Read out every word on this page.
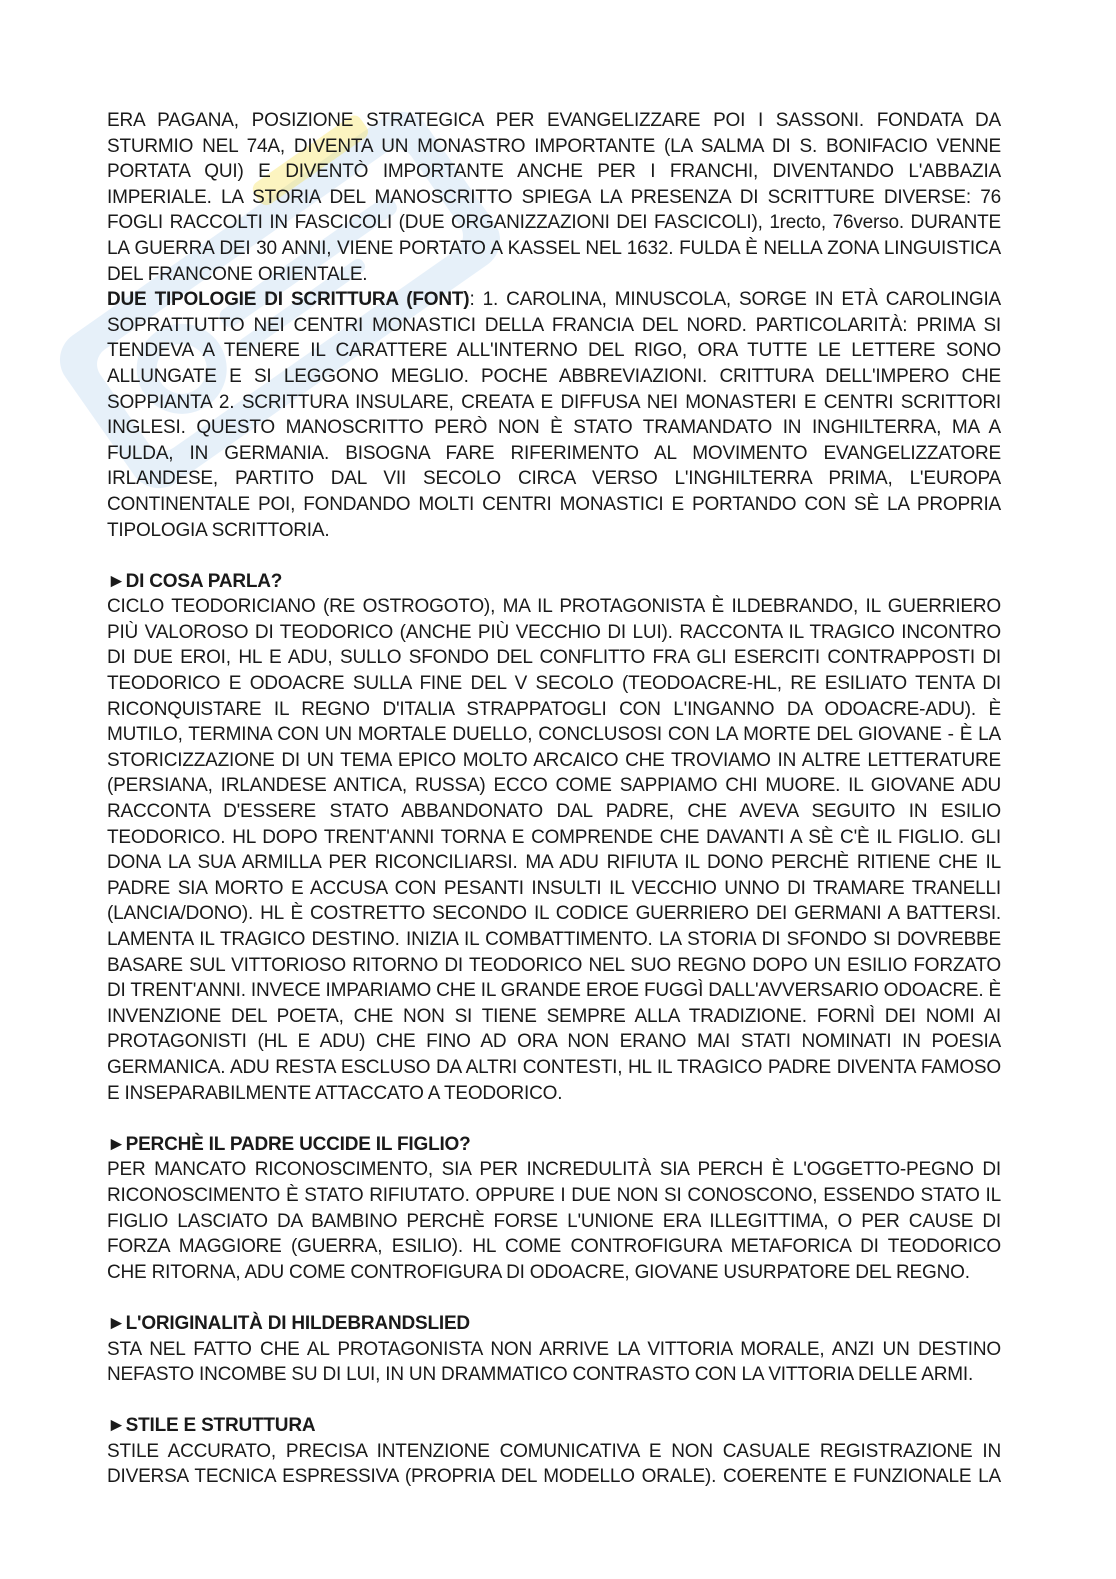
ERA PAGANA, POSIZIONE STRATEGICA PER EVANGELIZZARE POI I SASSONI. FONDATA DA STURMIO NEL 74A, DIVENTA UN MONASTRO IMPORTANTE (LA SALMA DI S. BONIFACIO VENNE PORTATA QUI) E DIVENTÒ IMPORTANTE ANCHE PER I FRANCHI, DIVENTANDO L'ABBAZIA IMPERIALE. LA STORIA DEL MANOSCRITTO SPIEGA LA PRESENZA DI SCRITTURE DIVERSE: 76 FOGLI RACCOLTI IN FASCICOLI (DUE ORGANIZZAZIONI DEI FASCICOLI), 1recto, 76verso. DURANTE LA GUERRA DEI 30 ANNI, VIENE PORTATO A KASSEL NEL 1632. FULDA È NELLA ZONA LINGUISTICA DEL FRANCONE ORIENTALE.

DUE TIPOLOGIE DI SCRITTURA (FONT): 1. CAROLINA, MINUSCOLA, SORGE IN ETÀ CAROLINGIA SOPRATTUTTO NEI CENTRI MONASTICI DELLA FRANCIA DEL NORD. PARTICOLARITÀ: PRIMA SI TENDEVA A TENERE IL CARATTERE ALL'INTERNO DEL RIGO, ORA TUTTE LE LETTERE SONO ALLUNGATE E SI LEGGONO MEGLIO. POCHE ABBREVIAZIONI. CRITTURA DELL'IMPERO CHE SOPPIANTA 2. SCRITTURA INSULARE, CREATA E DIFFUSA NEI MONASTERI E CENTRI SCRITTORI INGLESI. QUESTO MANOSCRITTO PERÒ NON È STATO TRAMANDATO IN INGHILTERRA, MA A FULDA, IN GERMANIA. BISOGNA FARE RIFERIMENTO AL MOVIMENTO EVANGELIZZATORE IRLANDESE, PARTITO DAL VII SECOLO CIRCA VERSO L'INGHILTERRA PRIMA, L'EUROPA CONTINENTALE POI, FONDANDO MOLTI CENTRI MONASTICI E PORTANDO CON SÈ LA PROPRIA TIPOLOGIA SCRITTORIA.

►DI COSA PARLA?

CICLO TEODORICIANO (RE OSTROGOTO), MA IL PROTAGONISTA È ILDEBRANDO, IL GUERRIERO PIÙ VALOROSO DI TEODORICO (ANCHE PIÙ VECCHIO DI LUI). RACCONTA IL TRAGICO INCONTRO DI DUE EROI, HL E ADU, SULLO SFONDO DEL CONFLITTO FRA GLI ESERCITI CONTRAPPOSTI DI TEODORICO E ODOACRE SULLA FINE DEL V SECOLO (TEODOACRE-HL, RE ESILIATO TENTA DI RICONQUISTARE IL REGNO D'ITALIA STRAPPATOGLI CON L'INGANNO DA ODOACRE-ADU). È MUTILO, TERMINA CON UN MORTALE DUELLO, CONCLUSOSI CON LA MORTE DEL GIOVANE - È LA STORICIZZAZIONE DI UN TEMA EPICO MOLTO ARCAICO CHE TROVIAMO IN ALTRE LETTERATURE (PERSIANA, IRLANDESE ANTICA, RUSSA) ECCO COME SAPPIAMO CHI MUORE. IL GIOVANE ADU RACCONTA D'ESSERE STATO ABBANDONATO DAL PADRE, CHE AVEVA SEGUITO IN ESILIO TEODORICO. HL DOPO TRENT'ANNI TORNA E COMPRENDE CHE DAVANTI A SÈ C'È IL FIGLIO. GLI DONA LA SUA ARMILLA PER RICONCILIARSI. MA ADU RIFIUTA IL DONO PERCHÈ RITIENE CHE IL PADRE SIA MORTO E ACCUSA CON PESANTI INSULTI IL VECCHIO UNNO DI TRAMARE TRANELLI (LANCIA/DONO). HL È COSTRETTO SECONDO IL CODICE GUERRIERO DEI GERMANI A BATTERSI. LAMENTA IL TRAGICO DESTINO. INIZIA IL COMBATTIMENTO. LA STORIA DI SFONDO SI DOVREBBE BASARE SUL VITTORIOSO RITORNO DI TEODORICO NEL SUO REGNO DOPO UN ESILIO FORZATO DI TRENT'ANNI. INVECE IMPARIAMO CHE IL GRANDE EROE FUGGÌ DALL'AVVERSARIO ODOACRE. È INVENZIONE DEL POETA, CHE NON SI TIENE SEMPRE ALLA TRADIZIONE. FORNÌ DEI NOMI AI PROTAGONISTI (HL E ADU) CHE FINO AD ORA NON ERANO MAI STATI NOMINATI IN POESIA GERMANICA. ADU RESTA ESCLUSO DA ALTRI CONTESTI, HL IL TRAGICO PADRE DIVENTA FAMOSO E INSEPARABILMENTE ATTACCATO A TEODORICO.

►PERCHÈ IL PADRE UCCIDE IL FIGLIO?

PER MANCATO RICONOSCIMENTO, SIA PER INCREDULITÀ SIA PERCH È L'OGGETTO-PEGNO DI RICONOSCIMENTO È STATO RIFIUTATO. OPPURE I DUE NON SI CONOSCONO, ESSENDO STATO IL FIGLIO LASCIATO DA BAMBINO PERCHÈ FORSE L'UNIONE ERA ILLEGITTIMA, O PER CAUSE DI FORZA MAGGIORE (GUERRA, ESILIO). HL COME CONTROFIGURA METAFORICA DI TEODORICO CHE RITORNA, ADU COME CONTROFIGURA DI ODOACRE, GIOVANE USURPATORE DEL REGNO.

►L'ORIGINALITÀ DI HILDEBRANDSLIED

STA NEL FATTO CHE AL PROTAGONISTA NON ARRIVE LA VITTORIA MORALE, ANZI UN DESTINO NEFASTO INCOMBE SU DI LUI, IN UN DRAMMATICO CONTRASTO CON LA VITTORIA DELLE ARMI.

►STILE E STRUTTURA

STILE ACCURATO, PRECISA INTENZIONE COMUNICATIVA E NON CASUALE REGISTRAZIONE IN DIVERSA TECNICA ESPRESSIVA (PROPRIA DEL MODELLO ORALE). COERENTE E FUNZIONALE LA
